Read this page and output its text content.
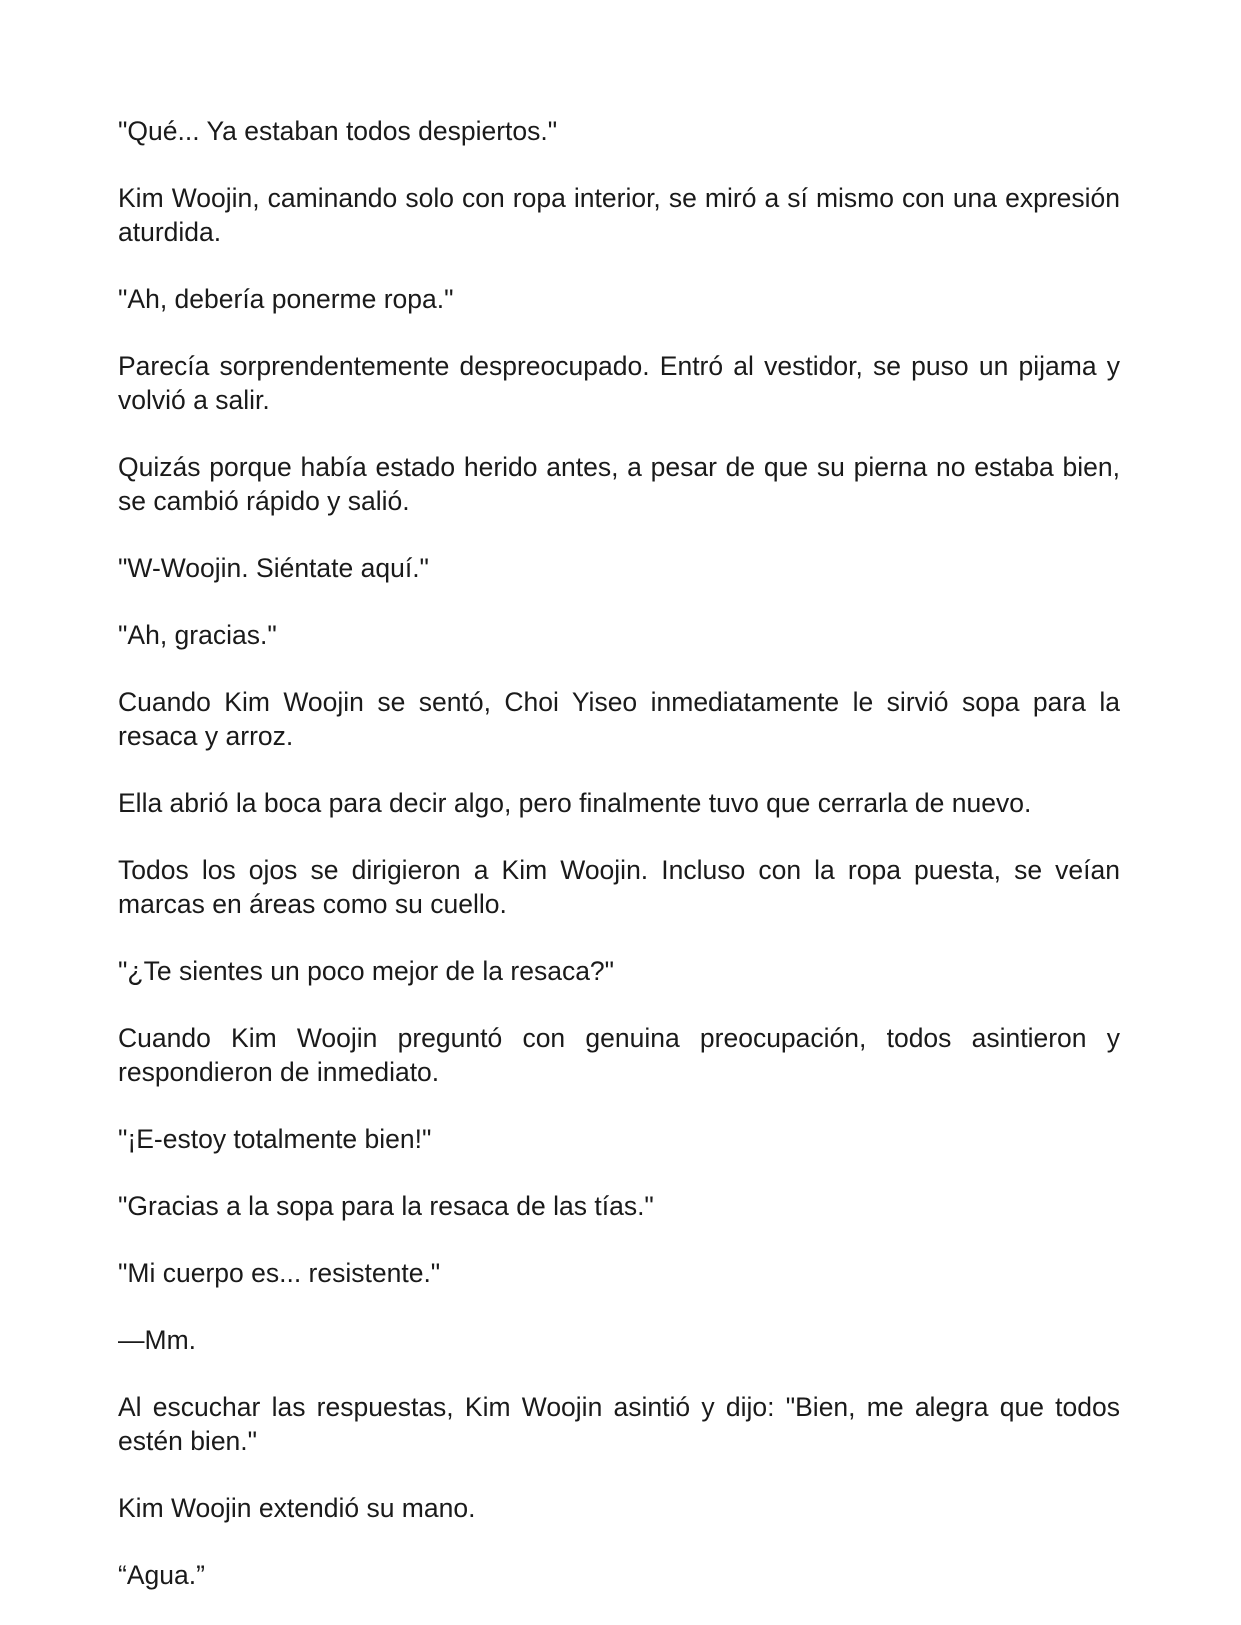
"Qué... Ya estaban todos despiertos."

Kim Woojin, caminando solo con ropa interior, se miró a sí mismo con una expresión aturdida.

"Ah, debería ponerme ropa."

Parecía sorprendentemente despreocupado. Entró al vestidor, se puso un pijama y volvió a salir.

Quizás porque había estado herido antes, a pesar de que su pierna no estaba bien, se cambió rápido y salió.

"W-Woojin. Siéntate aquí."

"Ah, gracias."

Cuando Kim Woojin se sentó, Choi Yiseo inmediatamente le sirvió sopa para la resaca y arroz.

Ella abrió la boca para decir algo, pero finalmente tuvo que cerrarla de nuevo.

Todos los ojos se dirigieron a Kim Woojin. Incluso con la ropa puesta, se veían marcas en áreas como su cuello.

"¿Te sientes un poco mejor de la resaca?"

Cuando Kim Woojin preguntó con genuina preocupación, todos asintieron y respondieron de inmediato.

"¡E-estoy totalmente bien!"

"Gracias a la sopa para la resaca de las tías."

"Mi cuerpo es... resistente."

—Mm.

Al escuchar las respuestas, Kim Woojin asintió y dijo: "Bien, me alegra que todos estén bien."

Kim Woojin extendió su mano.

“Agua.”
